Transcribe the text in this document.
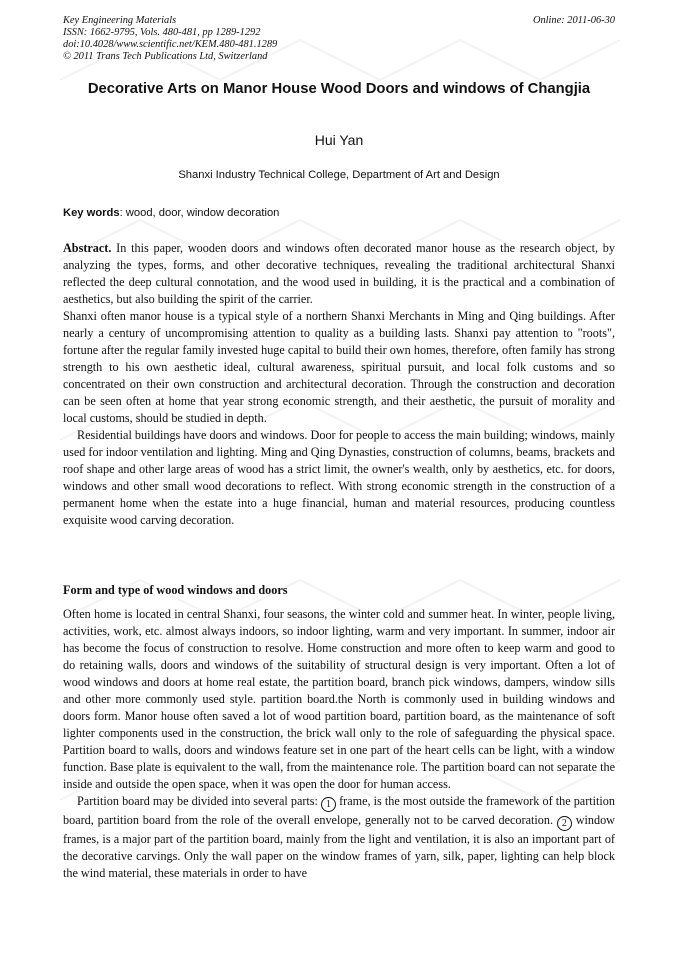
Key Engineering Materials
ISSN: 1662-9795, Vols. 480-481, pp 1289-1292
doi:10.4028/www.scientific.net/KEM.480-481.1289
© 2011 Trans Tech Publications Ltd, Switzerland
Online: 2011-06-30
Decorative Arts on Manor House Wood Doors and windows of Changjia
Hui Yan
Shanxi Industry Technical College, Department of Art and Design
Key words: wood, door, window decoration

Abstract. In this paper, wooden doors and windows often decorated manor house as the research object, by analyzing the types, forms, and other decorative techniques, revealing the traditional architectural Shanxi reflected the deep cultural connotation, and the wood used in building, it is the practical and a combination of aesthetics, but also building the spirit of the carrier.

Shanxi often manor house is a typical style of a northern Shanxi Merchants in Ming and Qing buildings. After nearly a century of uncompromising attention to quality as a building lasts. Shanxi pay attention to "roots", fortune after the regular family invested huge capital to build their own homes, therefore, often family has strong strength to his own aesthetic ideal, cultural awareness, spiritual pursuit, and local folk customs and so concentrated on their own construction and architectural decoration. Through the construction and decoration can be seen often at home that year strong economic strength, and their aesthetic, the pursuit of morality and local customs, should be studied in depth.

Residential buildings have doors and windows. Door for people to access the main building; windows, mainly used for indoor ventilation and lighting. Ming and Qing Dynasties, construction of columns, beams, brackets and roof shape and other large areas of wood has a strict limit, the owner's wealth, only by aesthetics, etc. for doors, windows and other small wood decorations to reflect. With strong economic strength in the construction of a permanent home when the estate into a huge financial, human and material resources, producing countless exquisite wood carving decoration.

Form and type of wood windows and doors

Often home is located in central Shanxi, four seasons, the winter cold and summer heat. In winter, people living, activities, work, etc. almost always indoors, so indoor lighting, warm and very important. In summer, indoor air has become the focus of construction to resolve. Home construction and more often to keep warm and good to do retaining walls, doors and windows of the suitability of structural design is very important. Often a lot of wood windows and doors at home real estate, the partition board, branch pick windows, dampers, window sills and other more commonly used style. partition board.the North is commonly used in building windows and doors form. Manor house often saved a lot of wood partition board, partition board, as the maintenance of soft lighter components used in the construction, the brick wall only to the role of safeguarding the physical space. Partition board to walls, doors and windows feature set in one part of the heart cells can be light, with a window function. Base plate is equivalent to the wall, from the maintenance role. The partition board can not separate the inside and outside the open space, when it was open the door for human access.

Partition board may be divided into several parts: 1 frame, is the most outside the framework of the partition board, partition board from the role of the overall envelope, generally not to be carved decoration. 2 window frames, is a major part of the partition board, mainly from the light and ventilation, it is also an important part of the decorative carvings. Only the wall paper on the window frames of yarn, silk, paper, lighting can help block the wind material, these materials in order to have
